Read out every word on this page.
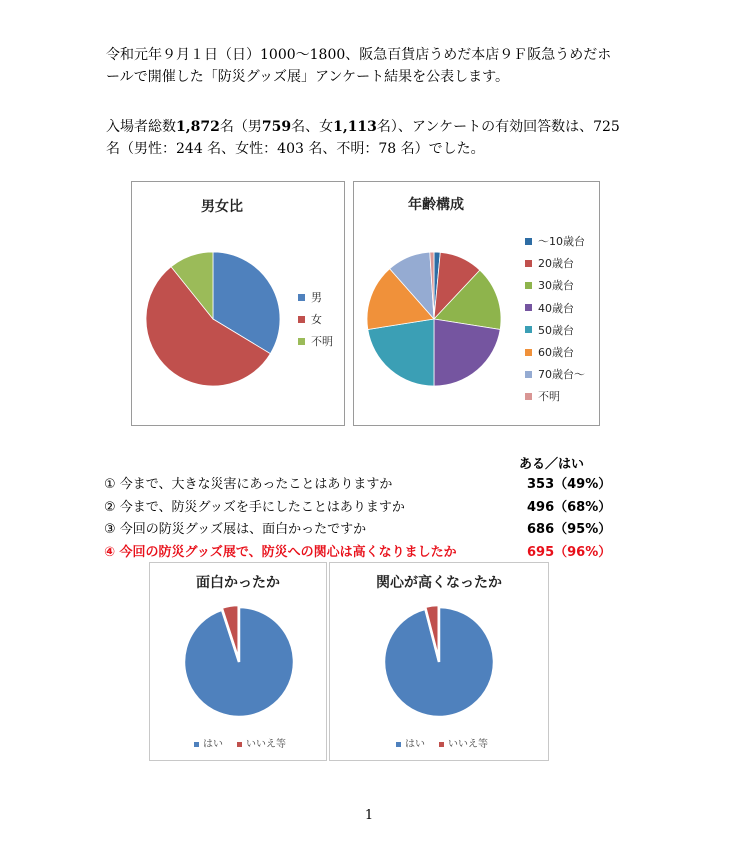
令和元年９月１日（日）1000〜1800、阪急百貨店うめだ本店９Ｆ阪急うめだホ
ールで開催した「防災グッズ展」アンケート結果を公表します。
入場者総数1,872名（男759名、女1,113名）、アンケートの有効回答数は、725
名（男性：244 名、女性：403 名、不明：78 名）でした。
男女比
男
女
不明
年齢構成
〜10歳台
20歳台
30歳台
40歳台
50歳台
60歳台
70歳台〜
不明
ある／はい
① 今まで、大きな災害にあったことはありますか	353（49%）
② 今まで、防災グッズを手にしたことはありますか	496（68%）
③ 今回の防災グッズ展は、面白かったですか	686（95%）
④ 今回の防災グッズ展で、防災への関心は高くなりましたか	695（96%）
面白かったか
はい	いいえ等
関心が高くなったか
はい	いいえ等
1
